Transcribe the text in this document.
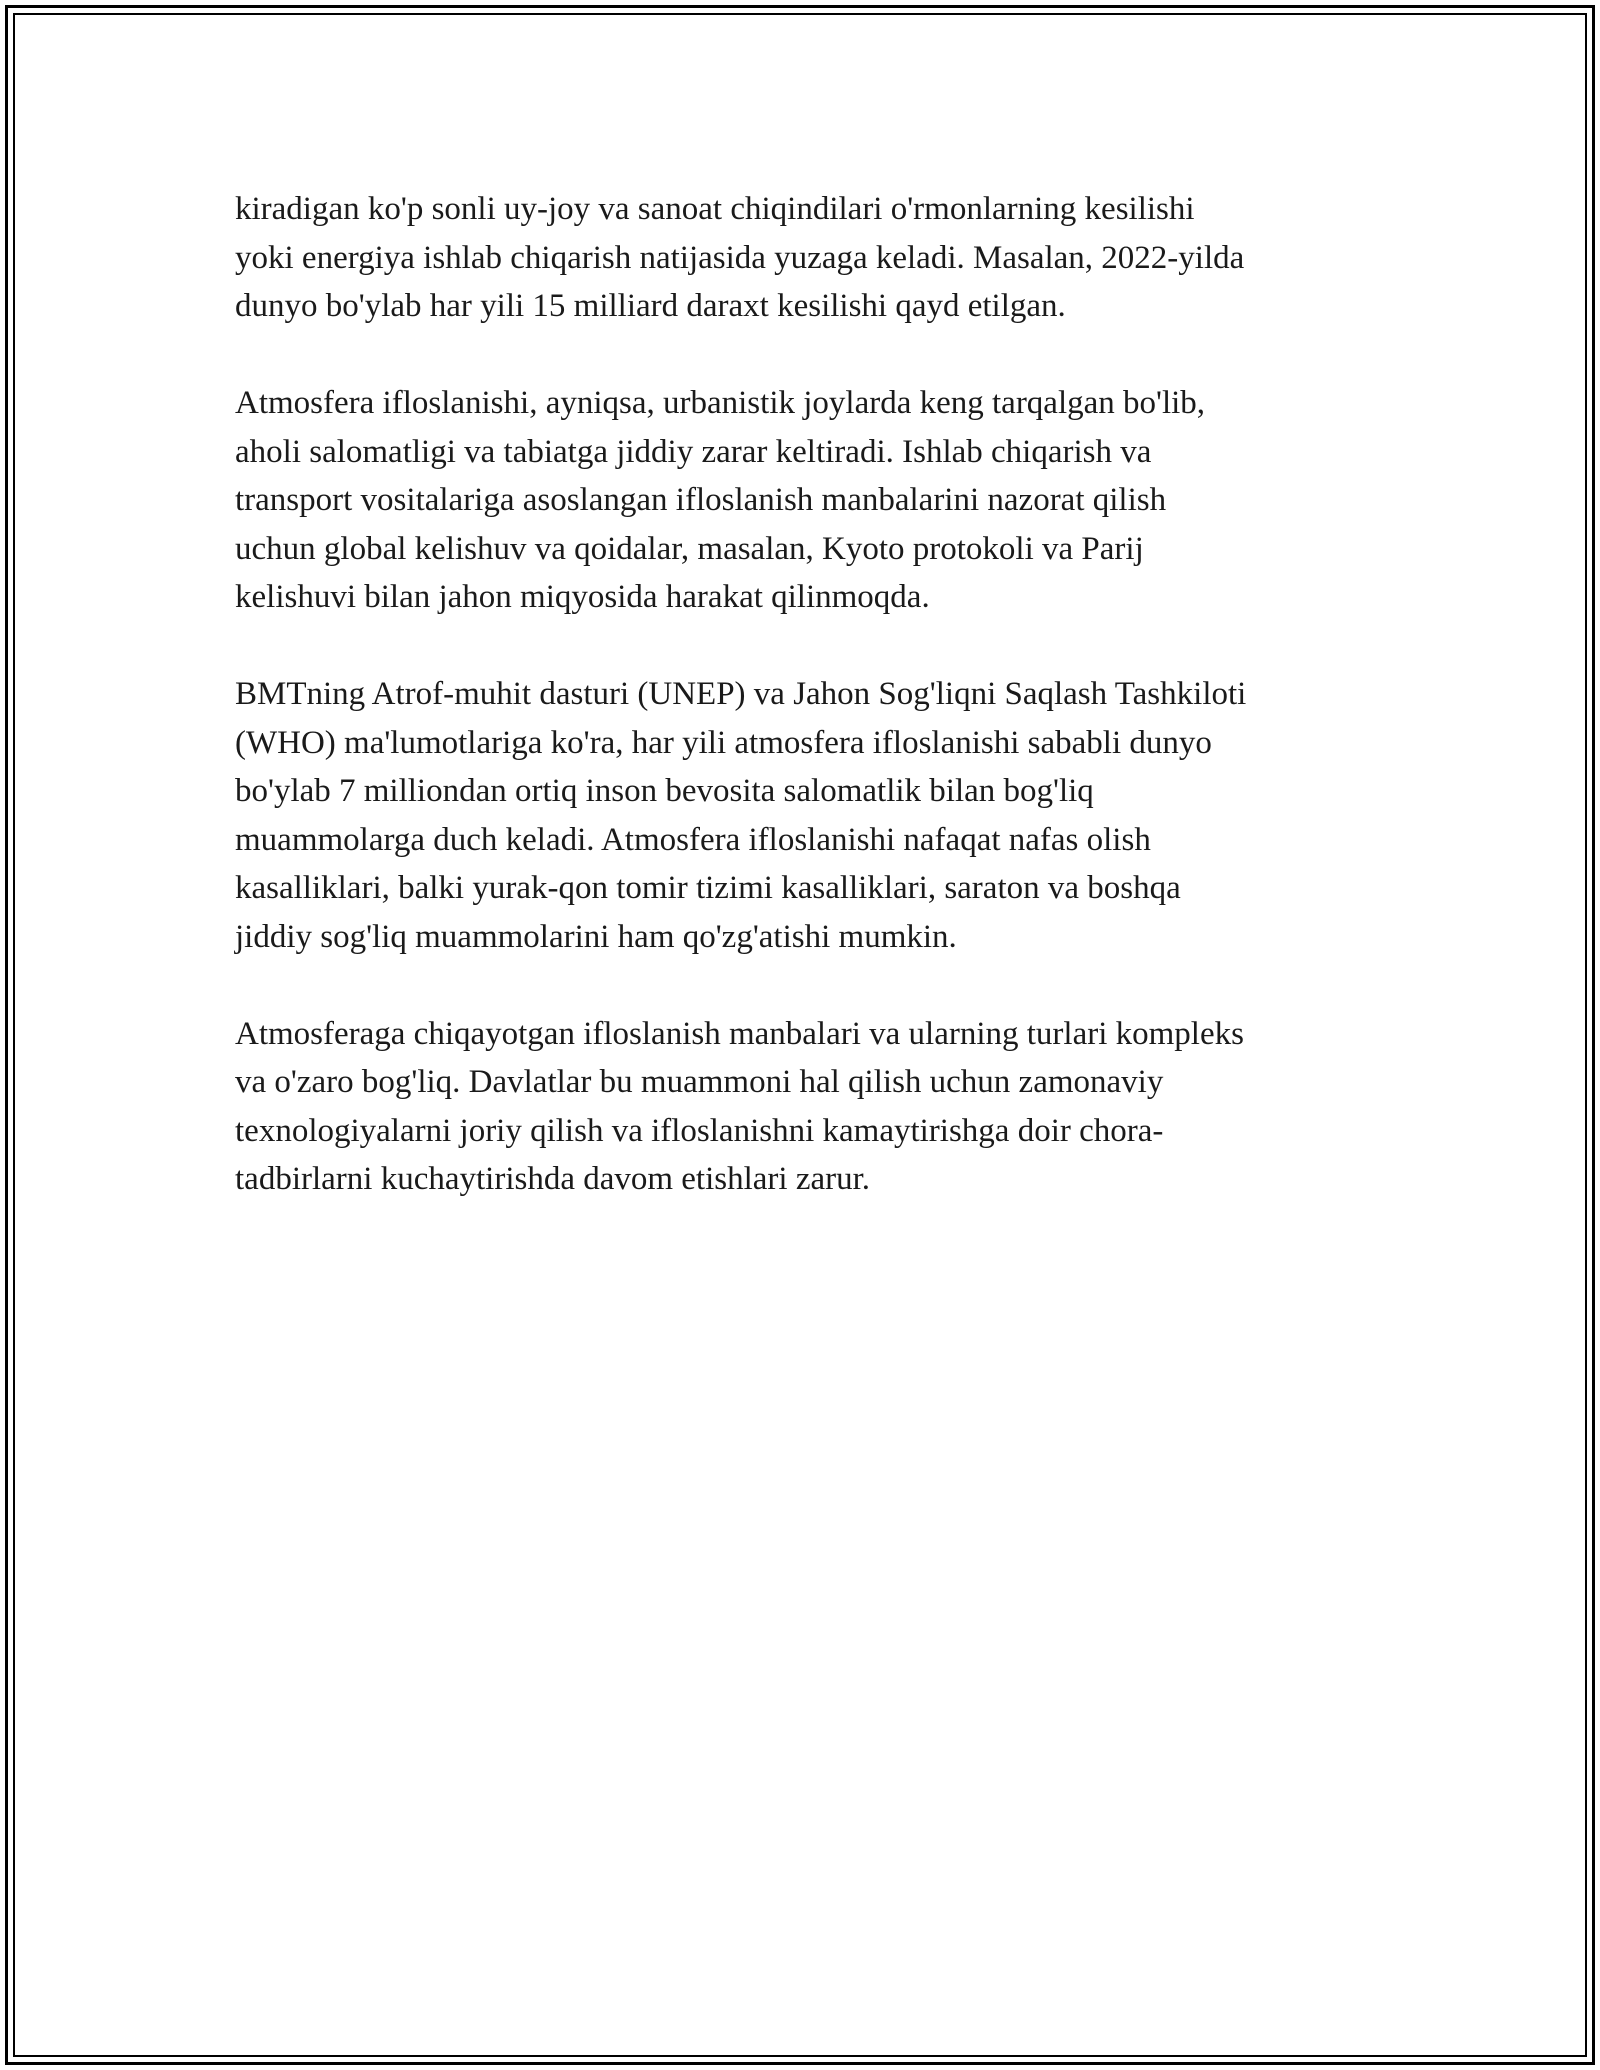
kiradigan ko'p sonli uy-joy va sanoat chiqindilari o'rmonlarning kesilishi
yoki energiya ishlab chiqarish natijasida yuzaga keladi. Masalan, 2022-yilda
dunyo bo'ylab har yili 15 milliard daraxt kesilishi qayd etilgan.

Atmosfera ifloslanishi, ayniqsa, urbanistik joylarda keng tarqalgan bo'lib,
aholi salomatligi va tabiatga jiddiy zarar keltiradi. Ishlab chiqarish va
transport vositalariga asoslangan ifloslanish manbalarini nazorat qilish
uchun global kelishuv va qoidalar, masalan, Kyoto protokoli va Parij
kelishuvi bilan jahon miqyosida harakat qilinmoqda.

BMTning Atrof-muhit dasturi (UNEP) va Jahon Sog'liqni Saqlash Tashkiloti
(WHO) ma'lumotlariga ko'ra, har yili atmosfera ifloslanishi sababli dunyo
bo'ylab 7 milliondan ortiq inson bevosita salomatlik bilan bog'liq
muammolarga duch keladi. Atmosfera ifloslanishi nafaqat nafas olish
kasalliklari, balki yurak-qon tomir tizimi kasalliklari, saraton va boshqa
jiddiy sog'liq muammolarini ham qo'zg'atishi mumkin.

Atmosferaga chiqayotgan ifloslanish manbalari va ularning turlari kompleks
va o'zaro bog'liq. Davlatlar bu muammoni hal qilish uchun zamonaviy
texnologiyalarni joriy qilish va ifloslanishni kamaytirishga doir chora-
tadbirlarni kuchaytirishda davom etishlari zarur.
